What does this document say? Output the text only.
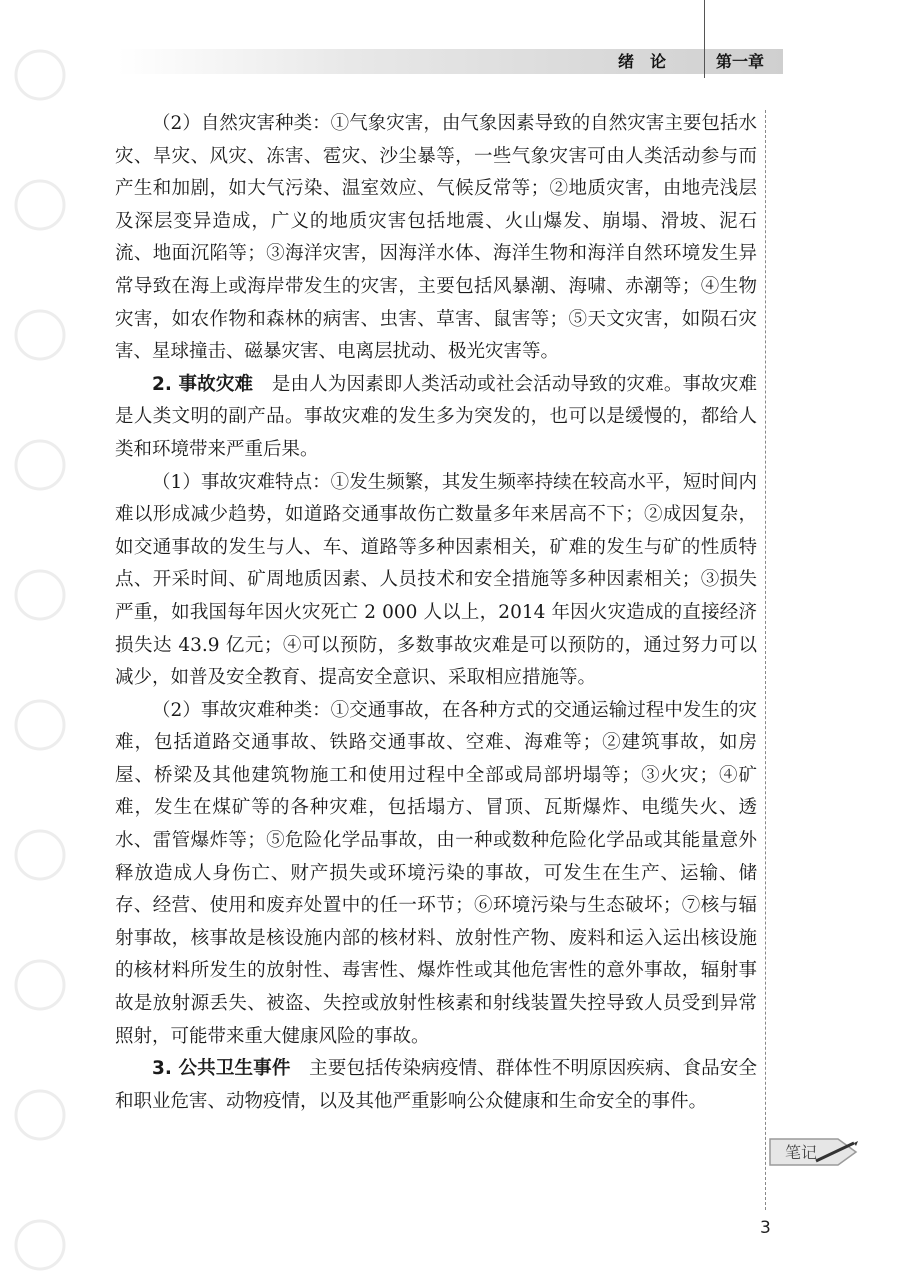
绪　论	第一章

（2）自然灾害种类：①气象灾害，由气象因素导致的自然灾害主要包括水灾、旱灾、风灾、冻害、雹灾、沙尘暴等，一些气象灾害可由人类活动参与而产生和加剧，如大气污染、温室效应、气候反常等；②地质灾害，由地壳浅层及深层变异造成，广义的地质灾害包括地震、火山爆发、崩塌、滑坡、泥石流、地面沉陷等；③海洋灾害，因海洋水体、海洋生物和海洋自然环境发生异常导致在海上或海岸带发生的灾害，主要包括风暴潮、海啸、赤潮等；④生物灾害，如农作物和森林的病害、虫害、草害、鼠害等；⑤天文灾害，如陨石灾害、星球撞击、磁暴灾害、电离层扰动、极光灾害等。

2. 事故灾难　是由人为因素即人类活动或社会活动导致的灾难。事故灾难是人类文明的副产品。事故灾难的发生多为突发的，也可以是缓慢的，都给人类和环境带来严重后果。

（1）事故灾难特点：①发生频繁，其发生频率持续在较高水平，短时间内难以形成减少趋势，如道路交通事故伤亡数量多年来居高不下；②成因复杂，如交通事故的发生与人、车、道路等多种因素相关，矿难的发生与矿的性质特点、开采时间、矿周地质因素、人员技术和安全措施等多种因素相关；③损失严重，如我国每年因火灾死亡 2 000 人以上，2014 年因火灾造成的直接经济损失达 43.9 亿元；④可以预防，多数事故灾难是可以预防的，通过努力可以减少，如普及安全教育、提高安全意识、采取相应措施等。

（2）事故灾难种类：①交通事故，在各种方式的交通运输过程中发生的灾难，包括道路交通事故、铁路交通事故、空难、海难等；②建筑事故，如房屋、桥梁及其他建筑物施工和使用过程中全部或局部坍塌等；③火灾；④矿难，发生在煤矿等的各种灾难，包括塌方、冒顶、瓦斯爆炸、电缆失火、透水、雷管爆炸等；⑤危险化学品事故，由一种或数种危险化学品或其能量意外释放造成人身伤亡、财产损失或环境污染的事故，可发生在生产、运输、储存、经营、使用和废弃处置中的任一环节；⑥环境污染与生态破坏；⑦核与辐射事故，核事故是核设施内部的核材料、放射性产物、废料和运入运出核设施的核材料所发生的放射性、毒害性、爆炸性或其他危害性的意外事故，辐射事故是放射源丢失、被盗、失控或放射性核素和射线装置失控导致人员受到异常照射，可能带来重大健康风险的事故。

3. 公共卫生事件　主要包括传染病疫情、群体性不明原因疾病、食品安全和职业危害、动物疫情，以及其他严重影响公众健康和生命安全的事件。

笔记
3
